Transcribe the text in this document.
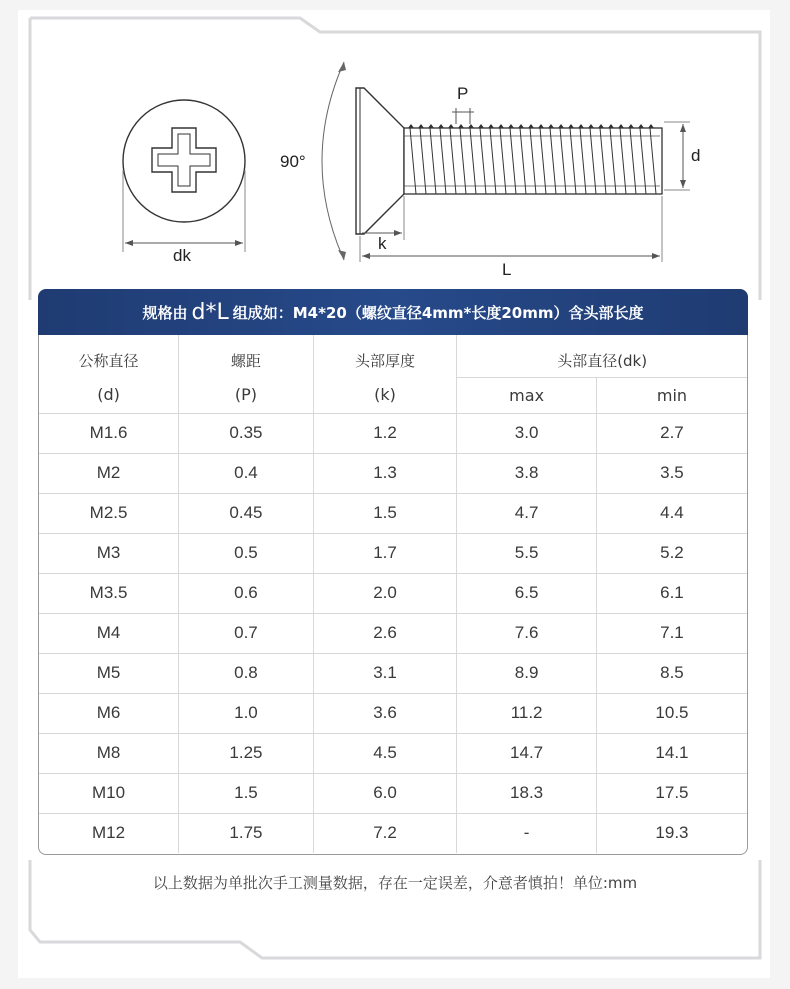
dk
90°
P
d
k
L
规格由 d*L 组成如：M4*20（螺纹直径4mm*长度20mm）含头部长度
公称直径	螺距	头部厚度	头部直径(dk)	
(d)	(P)	(k)	max	min
M1.6	0.35	1.2	3.0	2.7
M2	0.4	1.3	3.8	3.5
M2.5	0.45	1.5	4.7	4.4
M3	0.5	1.7	5.5	5.2
M3.5	0.6	2.0	6.5	6.1
M4	0.7	2.6	7.6	7.1
M5	0.8	3.1	8.9	8.5
M6	1.0	3.6	11.2	10.5
M8	1.25	4.5	14.7	14.1
M10	1.5	6.0	18.3	17.5
M12	1.75	7.2	-	19.3
以上数据为单批次手工测量数据，存在一定误差，介意者慎拍！单位:mm
